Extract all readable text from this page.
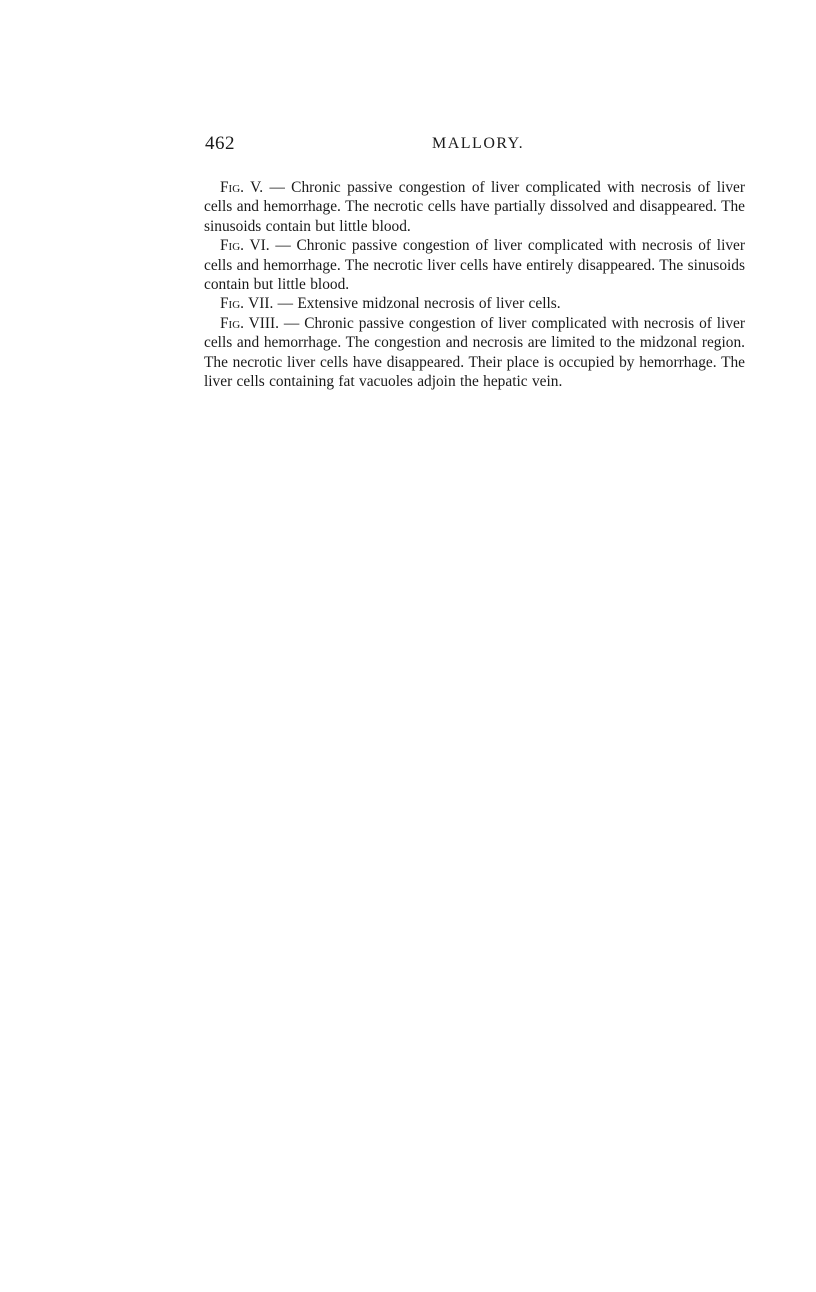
462	MALLORY.

Fig. V. — Chronic passive congestion of liver complicated with necrosis of liver cells and hemorrhage. The necrotic cells have partially dissolved and disappeared. The sinusoids contain but little blood.

Fig. VI. — Chronic passive congestion of liver complicated with necrosis of liver cells and hemorrhage. The necrotic liver cells have entirely disappeared. The sinusoids contain but little blood.

Fig. VII. — Extensive midzonal necrosis of liver cells.

Fig. VIII. — Chronic passive congestion of liver complicated with necrosis of liver cells and hemorrhage. The congestion and necrosis are limited to the midzonal region. The necrotic liver cells have disappeared. Their place is occupied by hemorrhage. The liver cells containing fat vacuoles adjoin the hepatic vein.
